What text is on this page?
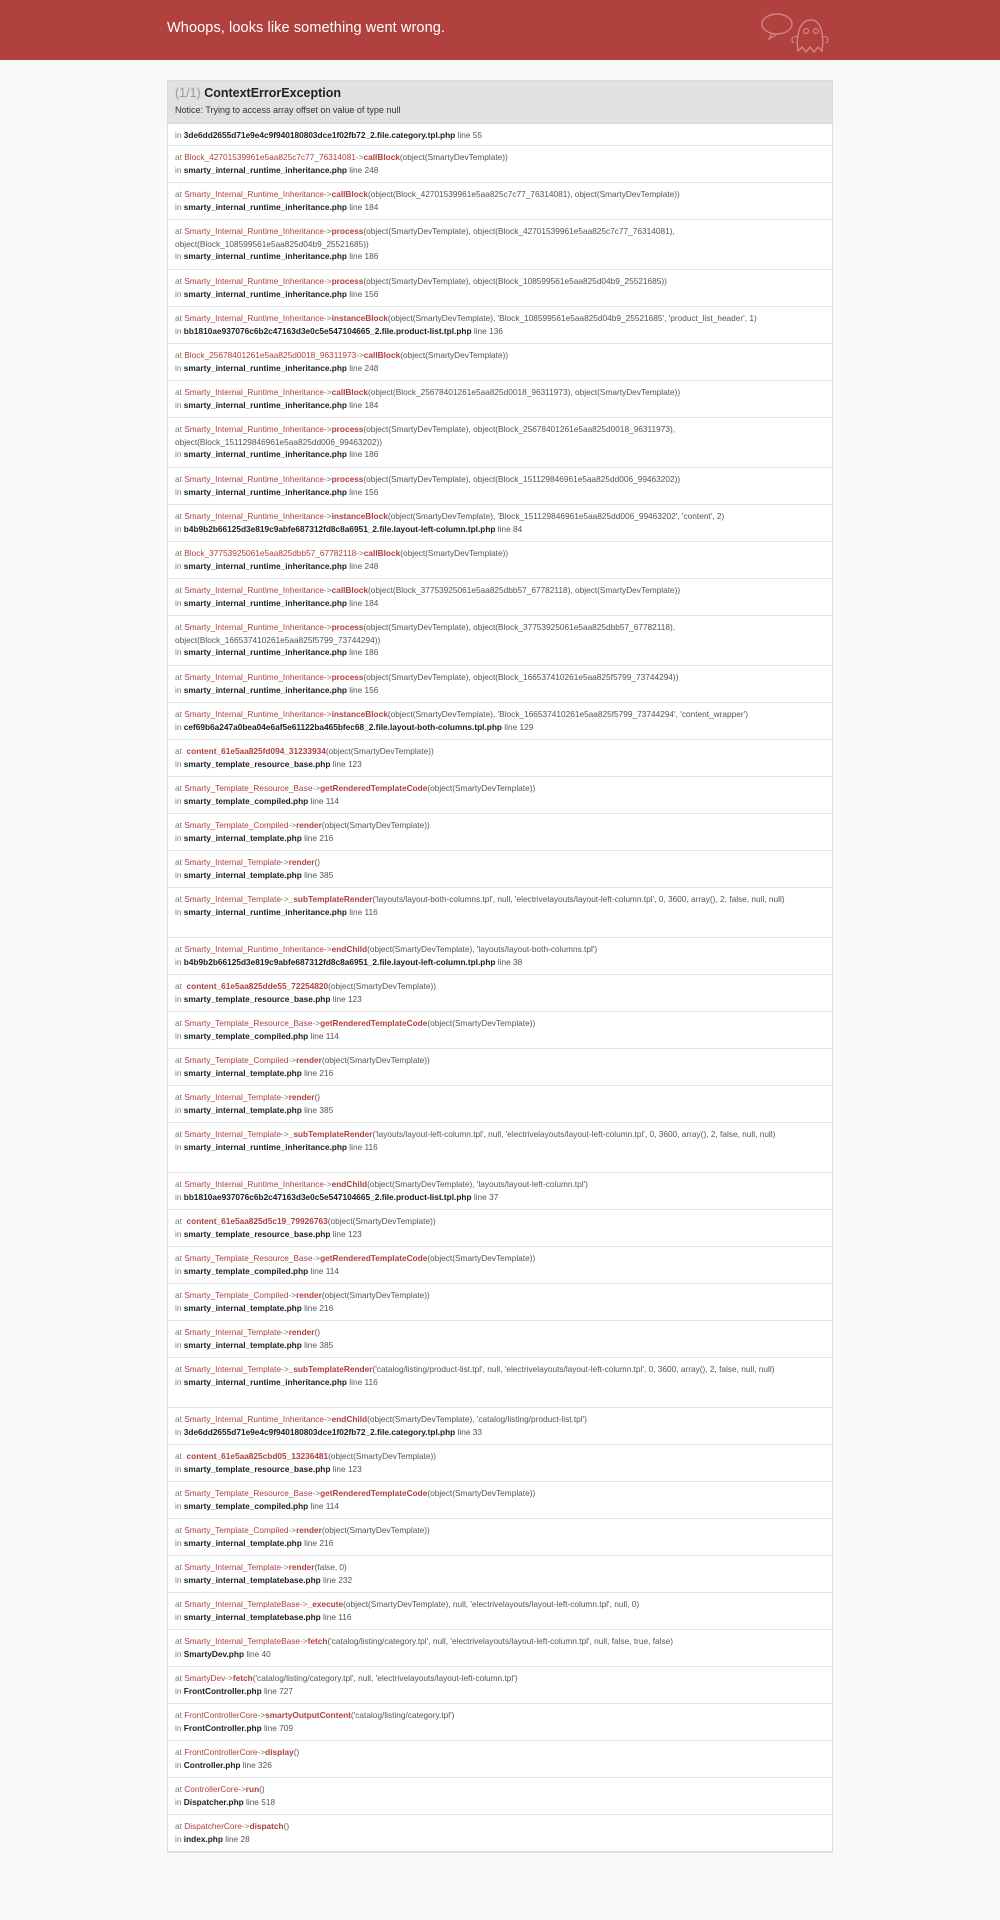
Whoops, looks like something went wrong.
(1/1) ContextErrorException
Notice: Trying to access array offset on value of type null
in 3de6dd2655d71e9e4c9f940180803dce1f02fb72_2.file.category.tpl.php line 55
at Block_42701539961e5aa825c7c77_76314081->callBlock(object(SmartyDevTemplate))
in smarty_internal_runtime_inheritance.php line 248
at Smarty_Internal_Runtime_Inheritance->callBlock(object(Block_42701539961e5aa825c7c77_76314081), object(SmartyDevTemplate))
in smarty_internal_runtime_inheritance.php line 184
at Smarty_Internal_Runtime_Inheritance->process(object(SmartyDevTemplate), object(Block_42701539961e5aa825c7c77_76314081), object(Block_108599561e5aa825d04b9_25521685))
in smarty_internal_runtime_inheritance.php line 186
at Smarty_Internal_Runtime_Inheritance->process(object(SmartyDevTemplate), object(Block_108599561e5aa825d04b9_25521685))
in smarty_internal_runtime_inheritance.php line 156
at Smarty_Internal_Runtime_Inheritance->instanceBlock(object(SmartyDevTemplate), 'Block_108599561e5aa825d04b9_25521685', 'product_list_header', 1)
in bb1810ae937076c6b2c47163d3e0c5e547104665_2.file.product-list.tpl.php line 136
at Block_25678401261e5aa825d0018_96311973->callBlock(object(SmartyDevTemplate))
in smarty_internal_runtime_inheritance.php line 248
at Smarty_Internal_Runtime_Inheritance->callBlock(object(Block_25678401261e5aa825d0018_96311973), object(SmartyDevTemplate))
in smarty_internal_runtime_inheritance.php line 184
at Smarty_Internal_Runtime_Inheritance->process(object(SmartyDevTemplate), object(Block_25678401261e5aa825d0018_96311973), object(Block_151129846961e5aa825dd006_99463202))
in smarty_internal_runtime_inheritance.php line 186
at Smarty_Internal_Runtime_Inheritance->process(object(SmartyDevTemplate), object(Block_151129846961e5aa825dd006_99463202))
in smarty_internal_runtime_inheritance.php line 156
at Smarty_Internal_Runtime_Inheritance->instanceBlock(object(SmartyDevTemplate), 'Block_151129846961e5aa825dd006_99463202', 'content', 2)
in b4b9b2b66125d3e819c9abfe687312fd8c8a6951_2.file.layout-left-column.tpl.php line 84
at Block_37753925061e5aa825dbb57_67782118->callBlock(object(SmartyDevTemplate))
in smarty_internal_runtime_inheritance.php line 248
at Smarty_Internal_Runtime_Inheritance->callBlock(object(Block_37753925061e5aa825dbb57_67782118), object(SmartyDevTemplate))
in smarty_internal_runtime_inheritance.php line 184
at Smarty_Internal_Runtime_Inheritance->process(object(SmartyDevTemplate), object(Block_37753925061e5aa825dbb57_67782118), object(Block_166537410261e5aa825f5799_73744294))
in smarty_internal_runtime_inheritance.php line 186
at Smarty_Internal_Runtime_Inheritance->process(object(SmartyDevTemplate), object(Block_166537410261e5aa825f5799_73744294))
in smarty_internal_runtime_inheritance.php line 156
at Smarty_Internal_Runtime_Inheritance->instanceBlock(object(SmartyDevTemplate), 'Block_166537410261e5aa825f5799_73744294', 'content_wrapper')
in cef69b6a247a0bea04e6af5e61122ba465bfec68_2.file.layout-both-columns.tpl.php line 129
at  content_61e5aa825fd094_31233934(object(SmartyDevTemplate))
in smarty_template_resource_base.php line 123
at Smarty_Template_Resource_Base->getRenderedTemplateCode(object(SmartyDevTemplate))
in smarty_template_compiled.php line 114
at Smarty_Template_Compiled->render(object(SmartyDevTemplate))
in smarty_internal_template.php line 216
at Smarty_Internal_Template->render()
in smarty_internal_template.php line 385
at Smarty_Internal_Template->_subTemplateRender('layouts/layout-both-columns.tpl', null, 'electrivelayouts/layout-left-column.tpl', 0, 3600, array(), 2, false, null, null)
in smarty_internal_runtime_inheritance.php line 116
at Smarty_Internal_Runtime_Inheritance->endChild(object(SmartyDevTemplate), 'layouts/layout-both-columns.tpl')
in b4b9b2b66125d3e819c9abfe687312fd8c8a6951_2.file.layout-left-column.tpl.php line 38
at  content_61e5aa825dde55_72254820(object(SmartyDevTemplate))
in smarty_template_resource_base.php line 123
at Smarty_Template_Resource_Base->getRenderedTemplateCode(object(SmartyDevTemplate))
in smarty_template_compiled.php line 114
at Smarty_Template_Compiled->render(object(SmartyDevTemplate))
in smarty_internal_template.php line 216
at Smarty_Internal_Template->render()
in smarty_internal_template.php line 385
at Smarty_Internal_Template->_subTemplateRender('layouts/layout-left-column.tpl', null, 'electrivelayouts/layout-left-column.tpl', 0, 3600, array(), 2, false, null, null)
in smarty_internal_runtime_inheritance.php line 116
at Smarty_Internal_Runtime_Inheritance->endChild(object(SmartyDevTemplate), 'layouts/layout-left-column.tpl')
in bb1810ae937076c6b2c47163d3e0c5e547104665_2.file.product-list.tpl.php line 37
at  content_61e5aa825d5c19_79926763(object(SmartyDevTemplate))
in smarty_template_resource_base.php line 123
at Smarty_Template_Resource_Base->getRenderedTemplateCode(object(SmartyDevTemplate))
in smarty_template_compiled.php line 114
at Smarty_Template_Compiled->render(object(SmartyDevTemplate))
in smarty_internal_template.php line 216
at Smarty_Internal_Template->render()
in smarty_internal_template.php line 385
at Smarty_Internal_Template->_subTemplateRender('catalog/listing/product-list.tpl', null, 'electrivelayouts/layout-left-column.tpl', 0, 3600, array(), 2, false, null, null)
in smarty_internal_runtime_inheritance.php line 116
at Smarty_Internal_Runtime_Inheritance->endChild(object(SmartyDevTemplate), 'catalog/listing/product-list.tpl')
in 3de6dd2655d71e9e4c9f940180803dce1f02fb72_2.file.category.tpl.php line 33
at  content_61e5aa825cbd05_13236481(object(SmartyDevTemplate))
in smarty_template_resource_base.php line 123
at Smarty_Template_Resource_Base->getRenderedTemplateCode(object(SmartyDevTemplate))
in smarty_template_compiled.php line 114
at Smarty_Template_Compiled->render(object(SmartyDevTemplate))
in smarty_internal_template.php line 216
at Smarty_Internal_Template->render(false, 0)
in smarty_internal_templatebase.php line 232
at Smarty_Internal_TemplateBase->_execute(object(SmartyDevTemplate), null, 'electrivelayouts/layout-left-column.tpl', null, 0)
in smarty_internal_templatebase.php line 116
at Smarty_Internal_TemplateBase->fetch('catalog/listing/category.tpl', null, 'electrivelayouts/layout-left-column.tpl', null, false, true, false)
in SmartyDev.php line 40
at SmartyDev->fetch('catalog/listing/category.tpl', null, 'electrivelayouts/layout-left-column.tpl')
in FrontController.php line 727
at FrontControllerCore->smartyOutputContent('catalog/listing/category.tpl')
in FrontController.php line 709
at FrontControllerCore->display()
in Controller.php line 326
at ControllerCore->run()
in Dispatcher.php line 518
at DispatcherCore->dispatch()
in index.php line 28
